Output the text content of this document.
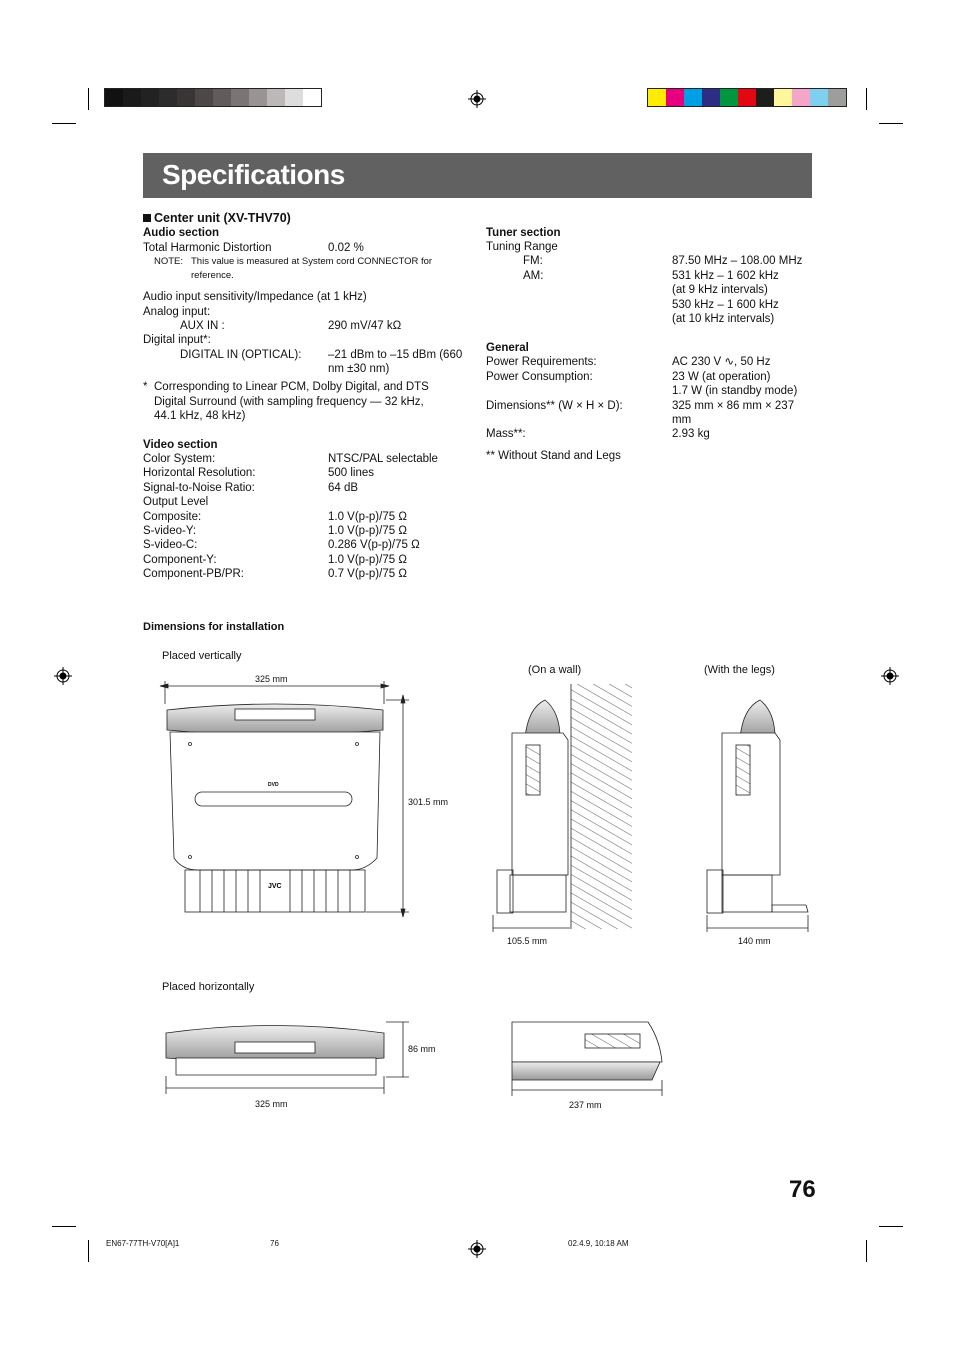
Specifications
Center unit (XV-THV70)
Audio section
Total Harmonic Distortion	0.02 %
NOTE: This value is measured at System cord CONNECTOR for
reference.
Audio input sensitivity/Impedance (at 1 kHz)
Analog input:
AUX IN :	290 mV/47 kΩ
Digital input*:
DIGITAL IN (OPTICAL): –21 dBm to –15 dBm (660
nm ±30 nm)
* Corresponding to Linear PCM, Dolby Digital, and DTS
Digital Surround (with sampling frequency — 32 kHz,
44.1 kHz, 48 kHz)
Video section
Color System:	NTSC/PAL selectable
Horizontal Resolution:	500 lines
Signal-to-Noise Ratio:	64 dB
Output Level
Composite:	1.0 V(p-p)/75 Ω
S-video-Y:	1.0 V(p-p)/75 Ω
S-video-C:	0.286 V(p-p)/75 Ω
Component-Y:	1.0 V(p-p)/75 Ω
Component-PB/PR:	0.7 V(p-p)/75 Ω
Tuner section
Tuning Range
FM:	87.50 MHz – 108.00 MHz
AM:	531 kHz – 1 602 kHz
(at 9 kHz intervals)
530 kHz – 1 600 kHz
(at 10 kHz intervals)
General
Power Requirements:	AC 230 V ∿, 50 Hz
Power Consumption:	23 W (at operation)
1.7 W (in standby mode)
Dimensions** (W × H × D):	325 mm × 86 mm × 237
mm
Mass**:	2.93 kg
** Without Stand and Legs
Dimensions for installation
Placed vertically
(On a wall)	(With the legs)
325 mm
301.5 mm
105.5 mm	140 mm
Placed horizontally
86 mm
325 mm	237 mm
JVC
DVD
76
EN67-77TH-V70[A]1	76	02.4.9, 10:18 AM
